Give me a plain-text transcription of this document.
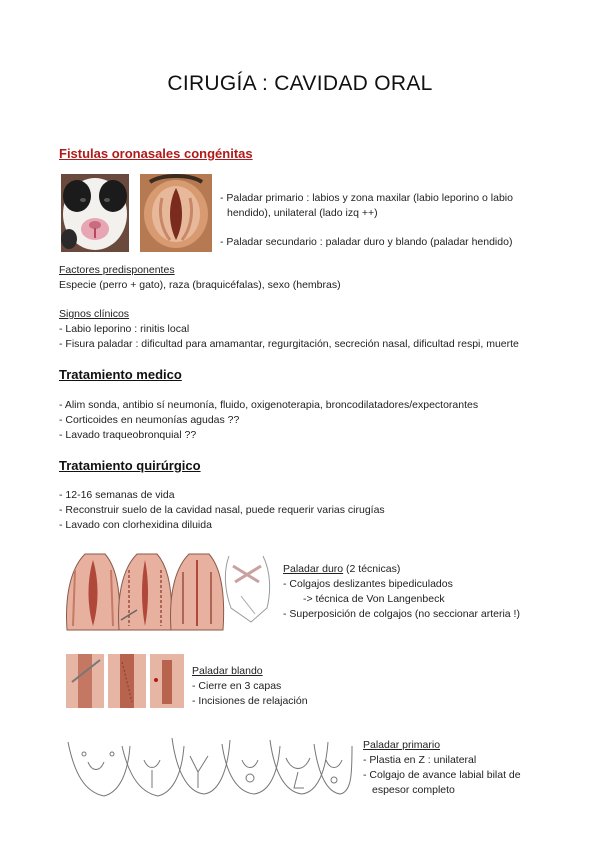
CIRUGÍA : CAVIDAD ORAL
Fistulas oronasales congénitas
- Paladar primario : labios y zona maxilar (labio leporino o labio
hendido), unilateral (lado izq ++)
- Paladar secundario : paladar duro y blando (paladar hendido)
Factores predisponentes
Especie (perro + gato), raza (braquicéfalas), sexo (hembras)
Signos clínicos
- Labio leporino : rinitis local
- Fisura paladar : dificultad para amamantar, regurgitación, secreción nasal, dificultad respi, muerte
Tratamiento medico
- Alim sonda, antibio sí neumonía, fluido, oxigenoterapia, broncodilatadores/expectorantes
- Corticoides en neumonías agudas ??
- Lavado traqueobronquial ??
Tratamiento quirúrgico
- 12-16 semanas de vida
- Reconstruir suelo de la cavidad nasal, puede requerir varias cirugías
- Lavado con clorhexidina diluida
Paladar duro (2 técnicas)
- Colgajos deslizantes bipediculados
-> técnica de Von Langenbeck
- Superposición de colgajos (no seccionar arteria !)
Paladar blando
- Cierre en 3 capas
- Incisiones de relajación
Paladar primario
- Plastia en Z : unilateral
- Colgajo de avance labial bilat de
espesor completo
